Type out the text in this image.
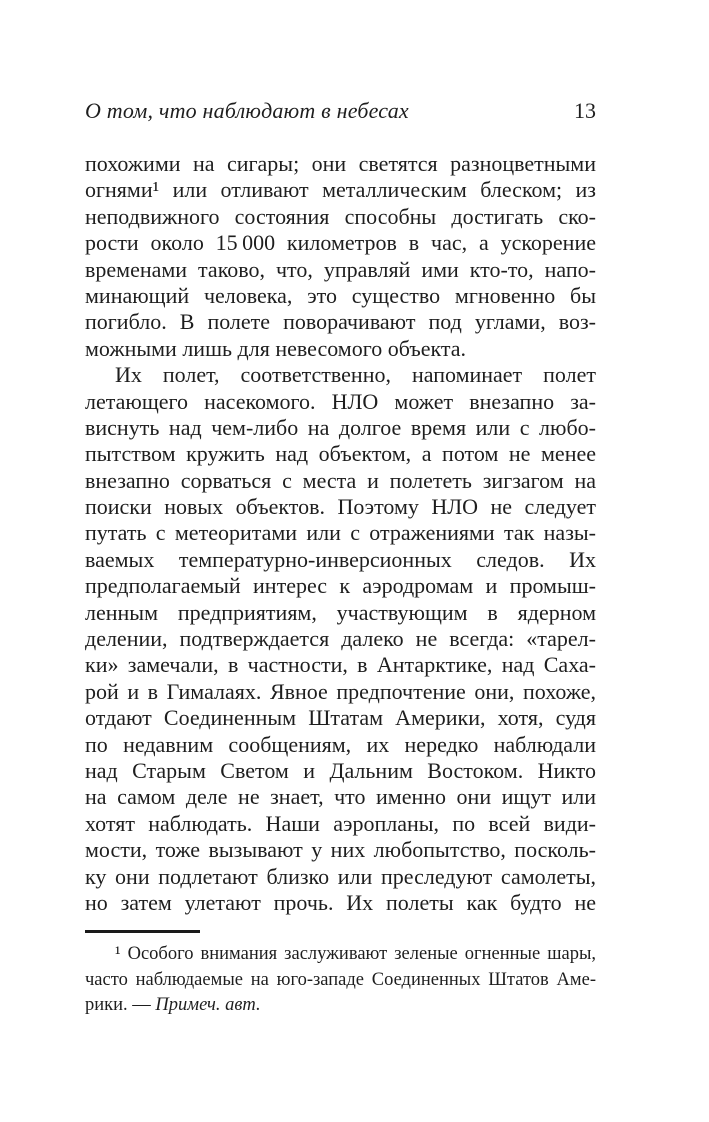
О том, что наблюдают в небесах	13
похожими на сигары; они светятся разноцветными
огнями¹ или отливают металлическим блеском; из
неподвижного состояния способны достигать ско-
рости около 15 000 километров в час, а ускорение
временами таково, что, управляй ими кто-то, напо-
минающий человека, это существо мгновенно бы
погибло. В полете поворачивают под углами, воз-
можными лишь для невесомого объекта.
Их полет, соответственно, напоминает полет
летающего насекомого. НЛО может внезапно за-
виснуть над чем-либо на долгое время или с любо-
пытством кружить над объектом, а потом не менее
внезапно сорваться с места и полететь зигзагом на
поиски новых объектов. Поэтому НЛО не следует
путать с метеоритами или с отражениями так назы-
ваемых температурно-инверсионных следов. Их
предполагаемый интерес к аэродромам и промыш-
ленным предприятиям, участвующим в ядерном
делении, подтверждается далеко не всегда: «тарел-
ки» замечали, в частности, в Антарктике, над Саха-
рой и в Гималаях. Явное предпочтение они, похоже,
отдают Соединенным Штатам Америки, хотя, судя
по недавним сообщениям, их нередко наблюдали
над Старым Светом и Дальним Востоком. Никто
на самом деле не знает, что именно они ищут или
хотят наблюдать. Наши аэропланы, по всей види-
мости, тоже вызывают у них любопытство, посколь-
ку они подлетают близко или преследуют самолеты,
но затем улетают прочь. Их полеты как будто не
¹ Особого внимания заслуживают зеленые огненные шары,
часто наблюдаемые на юго-западе Соединенных Штатов Аме-
рики. — Примеч. авт.
